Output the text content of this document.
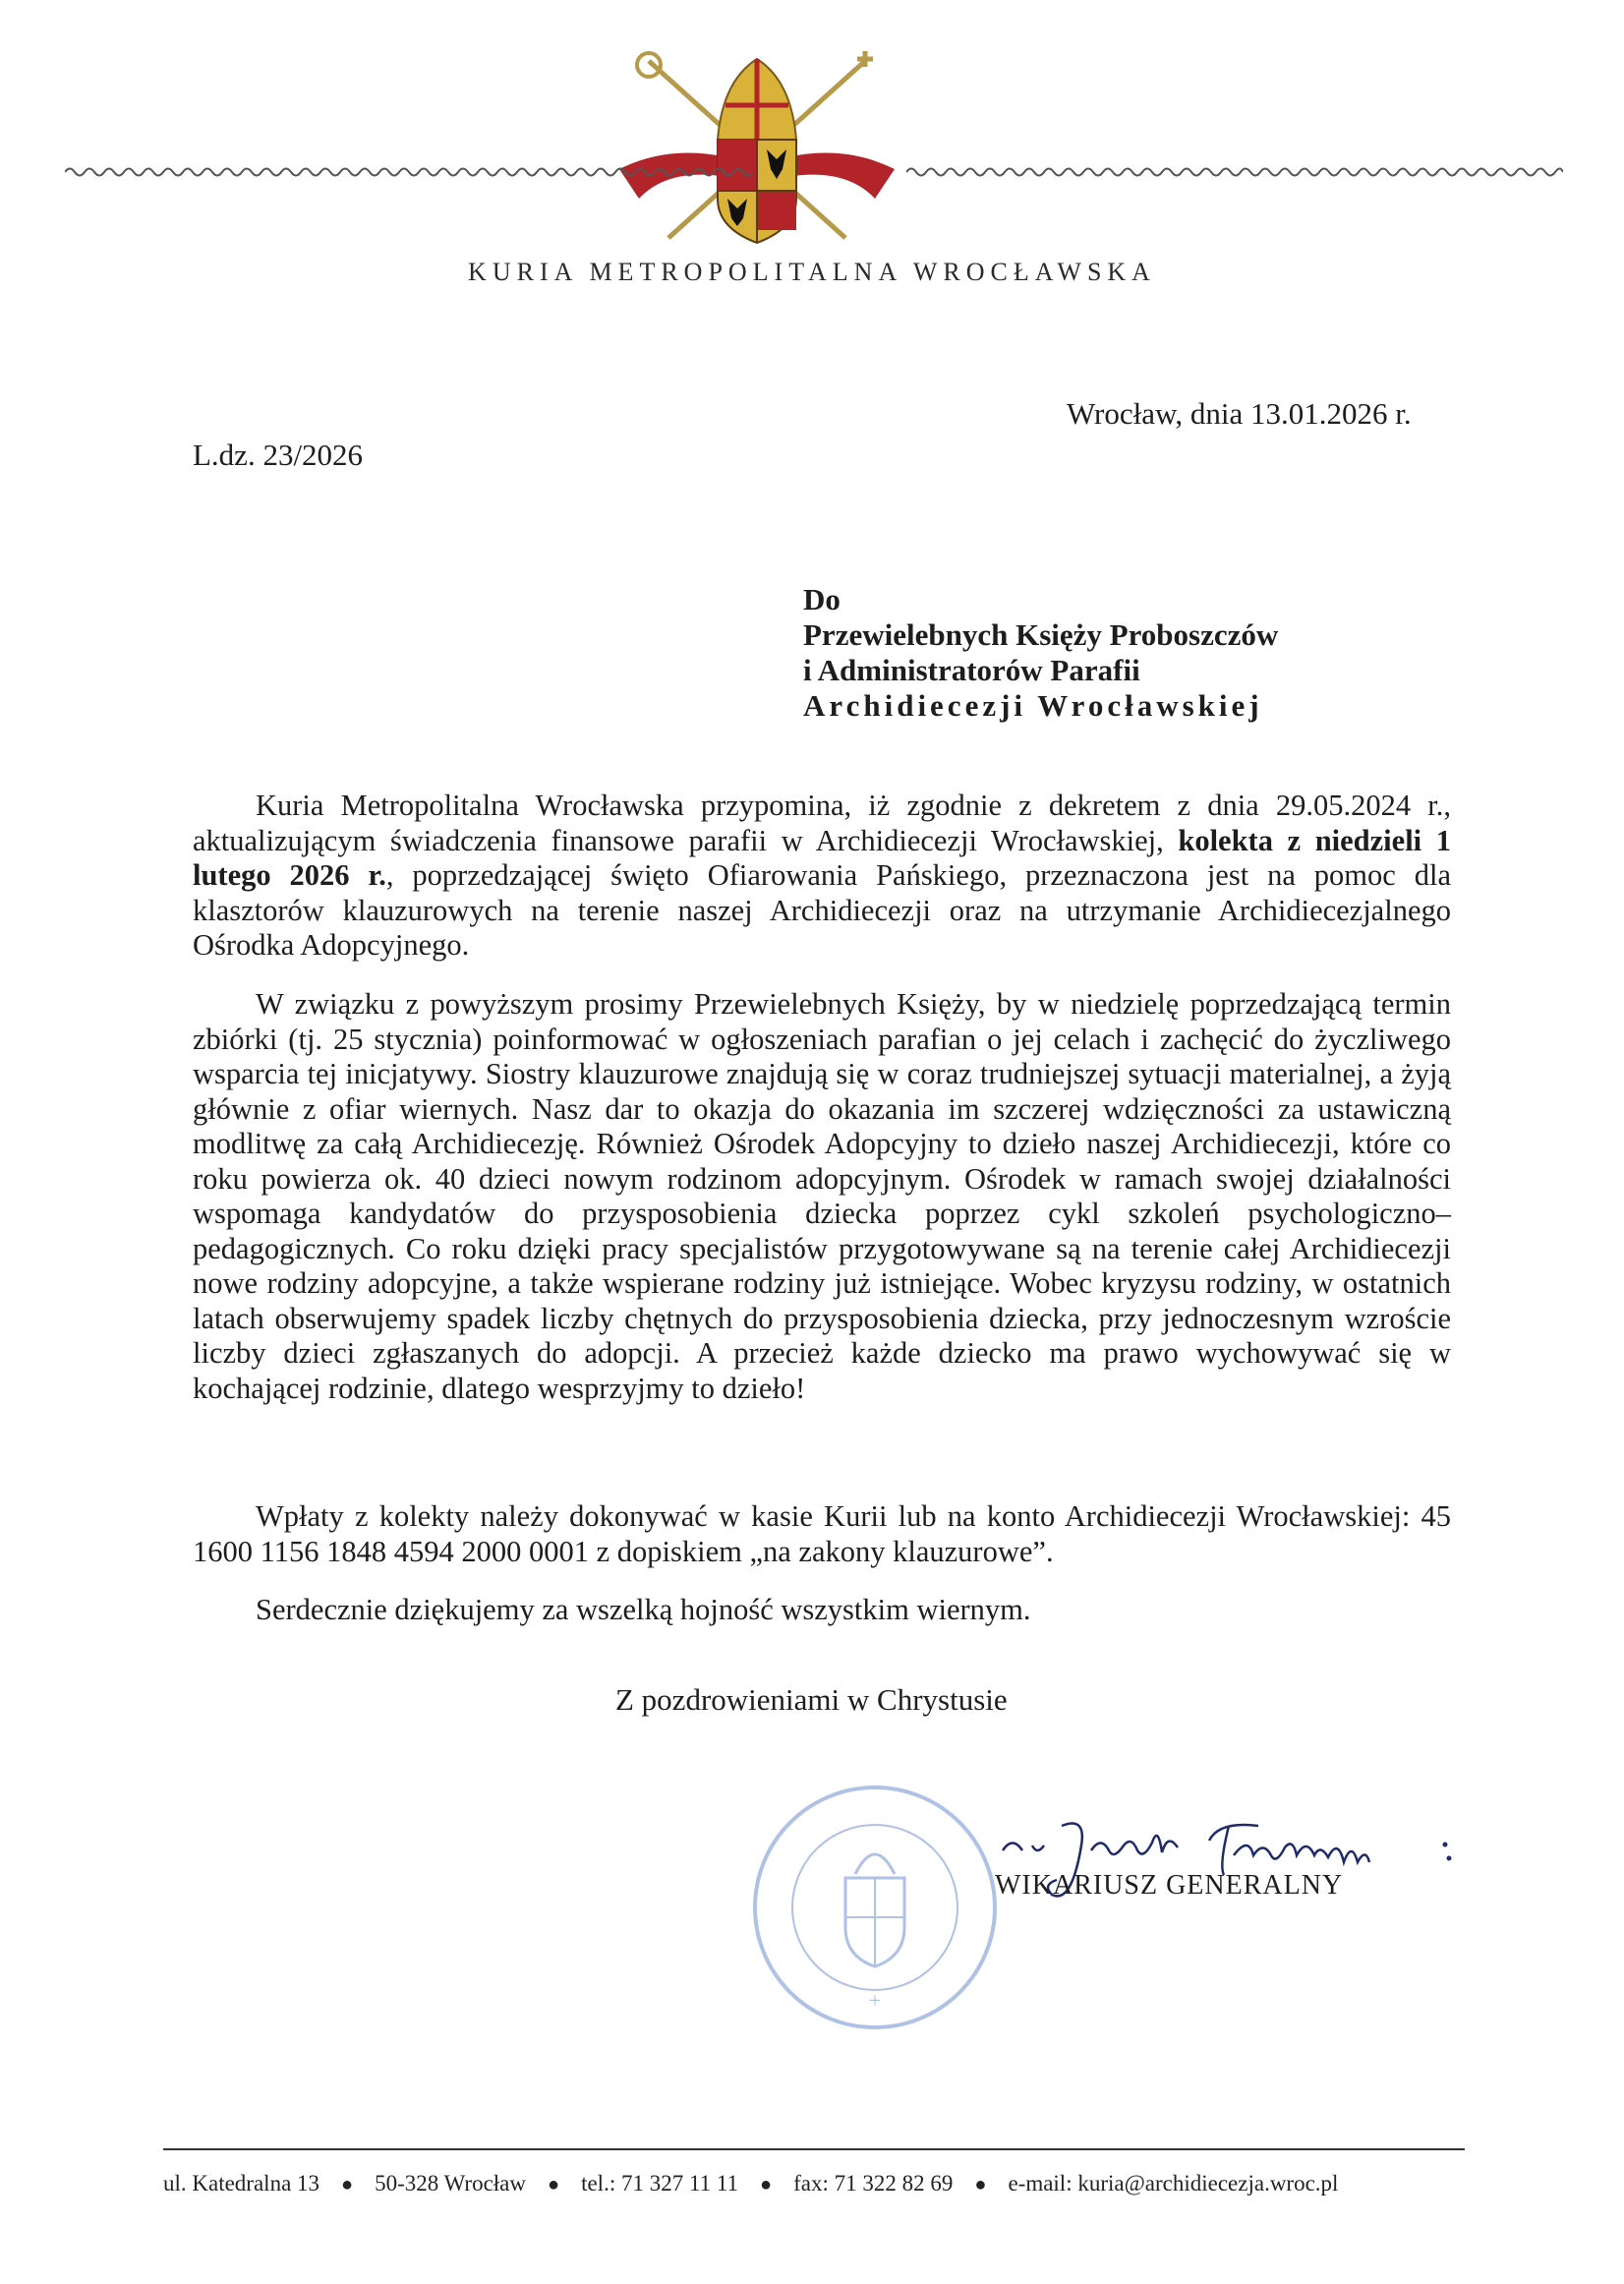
KURIA METROPOLITALNA WROCŁAWSKA
Wrocław, dnia 13.01.2026 r.
L.dz. 23/2026
Do
Przewielebnych Księży Proboszczów
i Administratorów Parafii
Archidiecezji Wrocławskiej

Kuria Metropolitalna Wrocławska przypomina, iż zgodnie z dekretem z dnia 29.05.2024 r., aktualizującym świadczenia finansowe parafii w Archidiecezji Wrocławskiej, kolekta z niedzieli 1 lutego 2026 r., poprzedzającej święto Ofiarowania Pańskiego, przeznaczona jest na pomoc dla klasztorów klauzurowych na terenie naszej Archidiecezji oraz na utrzymanie Archidiecezjalnego Ośrodka Adopcyjnego.

W związku z powyższym prosimy Przewielebnych Księży, by w niedzielę poprzedzającą termin zbiórki (tj. 25 stycznia) poinformować w ogłoszeniach parafian o jej celach i zachęcić do życzliwego wsparcia tej inicjatywy. Siostry klauzurowe znajdują się w coraz trudniejszej sytuacji materialnej, a żyją głównie z ofiar wiernych. Nasz dar to okazja do okazania im szczerej wdzięczności za ustawiczną modlitwę za całą Archidiecezję. Również Ośrodek Adopcyjny to dzieło naszej Archidiecezji, które co roku powierza ok. 40 dzieci nowym rodzinom adopcyjnym. Ośrodek w ramach swojej działalności wspomaga kandydatów do przysposobienia dziecka poprzez cykl szkoleń psychologiczno–pedagogicznych. Co roku dzięki pracy specjalistów przygotowywane są na terenie całej Archidiecezji nowe rodziny adopcyjne, a także wspierane rodziny już istniejące. Wobec kryzysu rodziny, w ostatnich latach obserwujemy spadek liczby chętnych do przysposobienia dziecka, przy jednoczesnym wzroście liczby dzieci zgłaszanych do adopcji. A przecież każde dziecko ma prawo wychowywać się w kochającej rodzinie, dlatego wesprzyjmy to dzieło!

Wpłaty z kolekty należy dokonywać w kasie Kurii lub na konto Archidiecezji Wrocławskiej: 45 1600 1156 1848 4594 2000 0001 z dopiskiem „na zakony klauzurowe”.

Serdecznie dziękujemy za wszelką hojność wszystkim wiernym.

Z pozdrowieniami w Chrystusie
+
WIKARIUSZ GENERALNY
ul. Katedralna 13 ● 50-328 Wrocław ● tel.: 71 327 11 11 ● fax: 71 322 82 69 ● e-mail: kuria@archidiecezja.wroc.pl
